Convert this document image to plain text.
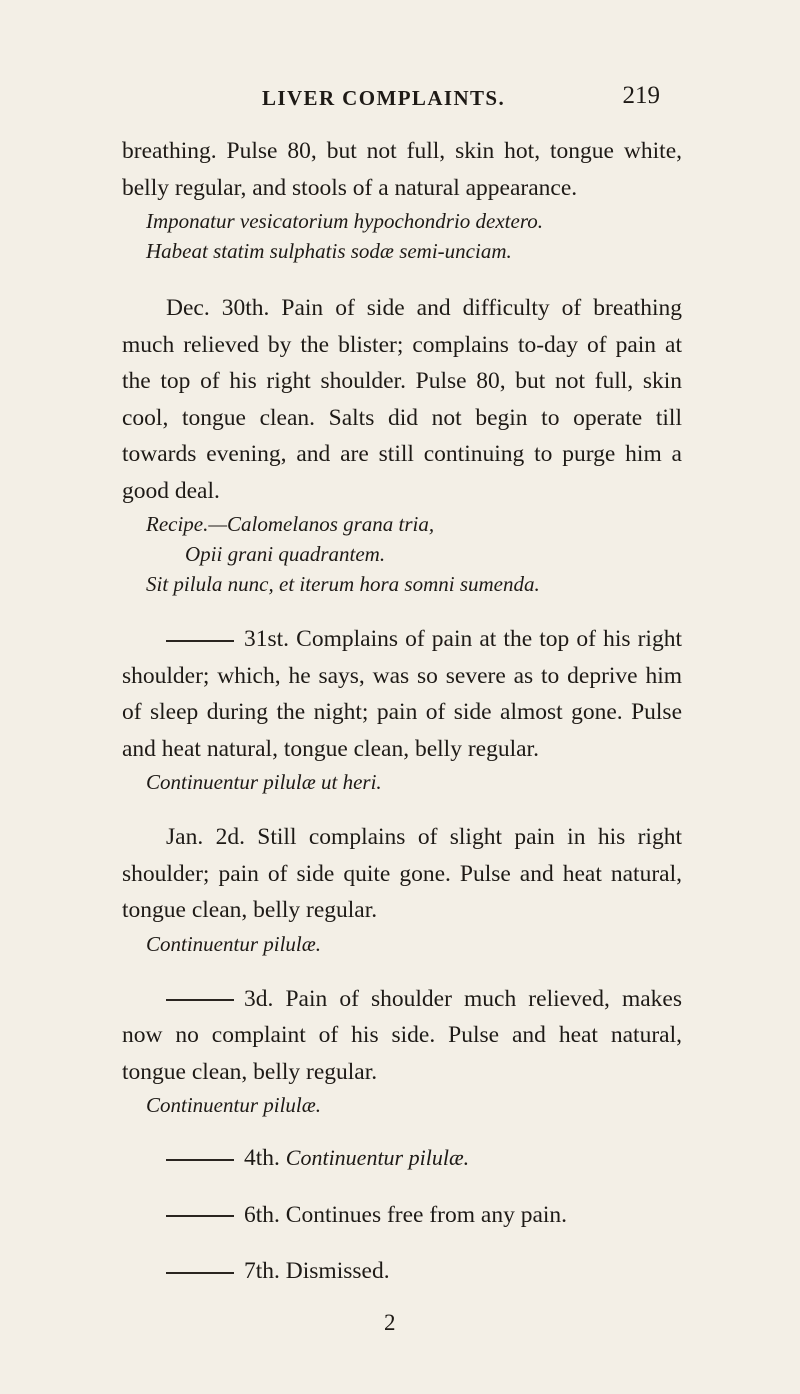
LIVER COMPLAINTS.	219

breathing. Pulse 80, but not full, skin hot, tongue white, belly regular, and stools of a natural appearance.

Imponatur vesicatorium hypochondrio dextero.

Habeat statim sulphatis sodæ semi-unciam.

Dec. 30th. Pain of side and difficulty of breathing much relieved by the blister; complains to-day of pain at the top of his right shoulder. Pulse 80, but not full, skin cool, tongue clean. Salts did not begin to operate till towards evening, and are still continuing to purge him a good deal.

Recipe.—Calomelanos grana tria,

Opii grani quadrantem.

Sit pilula nunc, et iterum hora somni sumenda.

31st. Complains of pain at the top of his right shoulder; which, he says, was so severe as to deprive him of sleep during the night; pain of side almost gone. Pulse and heat natural, tongue clean, belly regular.

Continuentur pilulæ ut heri.

Jan. 2d. Still complains of slight pain in his right shoulder; pain of side quite gone. Pulse and heat natural, tongue clean, belly regular.

Continuentur pilulæ.

3d. Pain of shoulder much relieved, makes now no complaint of his side. Pulse and heat natural, tongue clean, belly regular.

Continuentur pilulæ.

4th. Continuentur pilulæ.

6th. Continues free from any pain.

7th. Dismissed.

2
